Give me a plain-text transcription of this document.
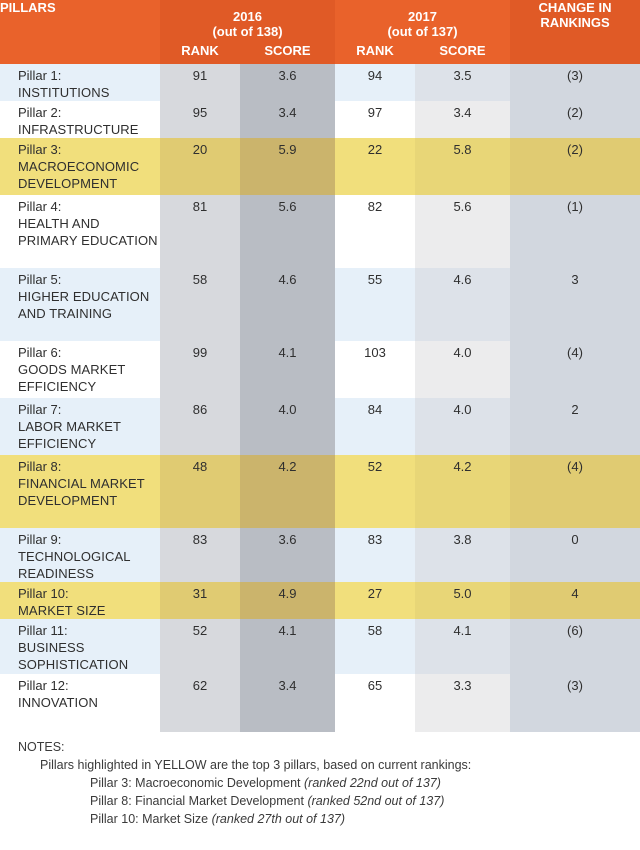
PILLARS	2016
(out of 138)		2017
(out of 137)		CHANGE IN RANKINGS

	RANK	SCORE	RANK	SCORE	

Pillar 1:
INSTITUTIONS	91	3.6	94	3.5	(3)

Pillar 2:
INFRASTRUCTURE	95	3.4	97	3.4	(2)

Pillar 3:
MACROECONOMIC DEVELOPMENT	20	5.9	22	5.8	(2)

Pillar 4:
HEALTH AND PRIMARY EDUCATION	81	5.6	82	5.6	(1)

Pillar 5:
HIGHER EDUCATION AND TRAINING	58	4.6	55	4.6	3

Pillar 6:
GOODS MARKET EFFICIENCY	99	4.1	103	4.0	(4)

Pillar 7:
LABOR MARKET EFFICIENCY	86	4.0	84	4.0	2

Pillar 8:
FINANCIAL MARKET DEVELOPMENT	48	4.2	52	4.2	(4)

Pillar 9:
TECHNOLOGICAL READINESS	83	3.6	83	3.8	0

Pillar 10:
MARKET SIZE	31	4.9	27	5.0	4

Pillar 11:
BUSINESS SOPHISTICATION	52	4.1	58	4.1	(6)

Pillar 12:
INNOVATION	62	3.4	65	3.3	(3)
NOTES:
Pillars highlighted in YELLOW are the top 3 pillars, based on current rankings:
Pillar 3: Macroeconomic Development (ranked 22nd out of 137)
Pillar 8: Financial Market Development (ranked 52nd out of 137)
Pillar 10: Market Size (ranked 27th out of 137)
